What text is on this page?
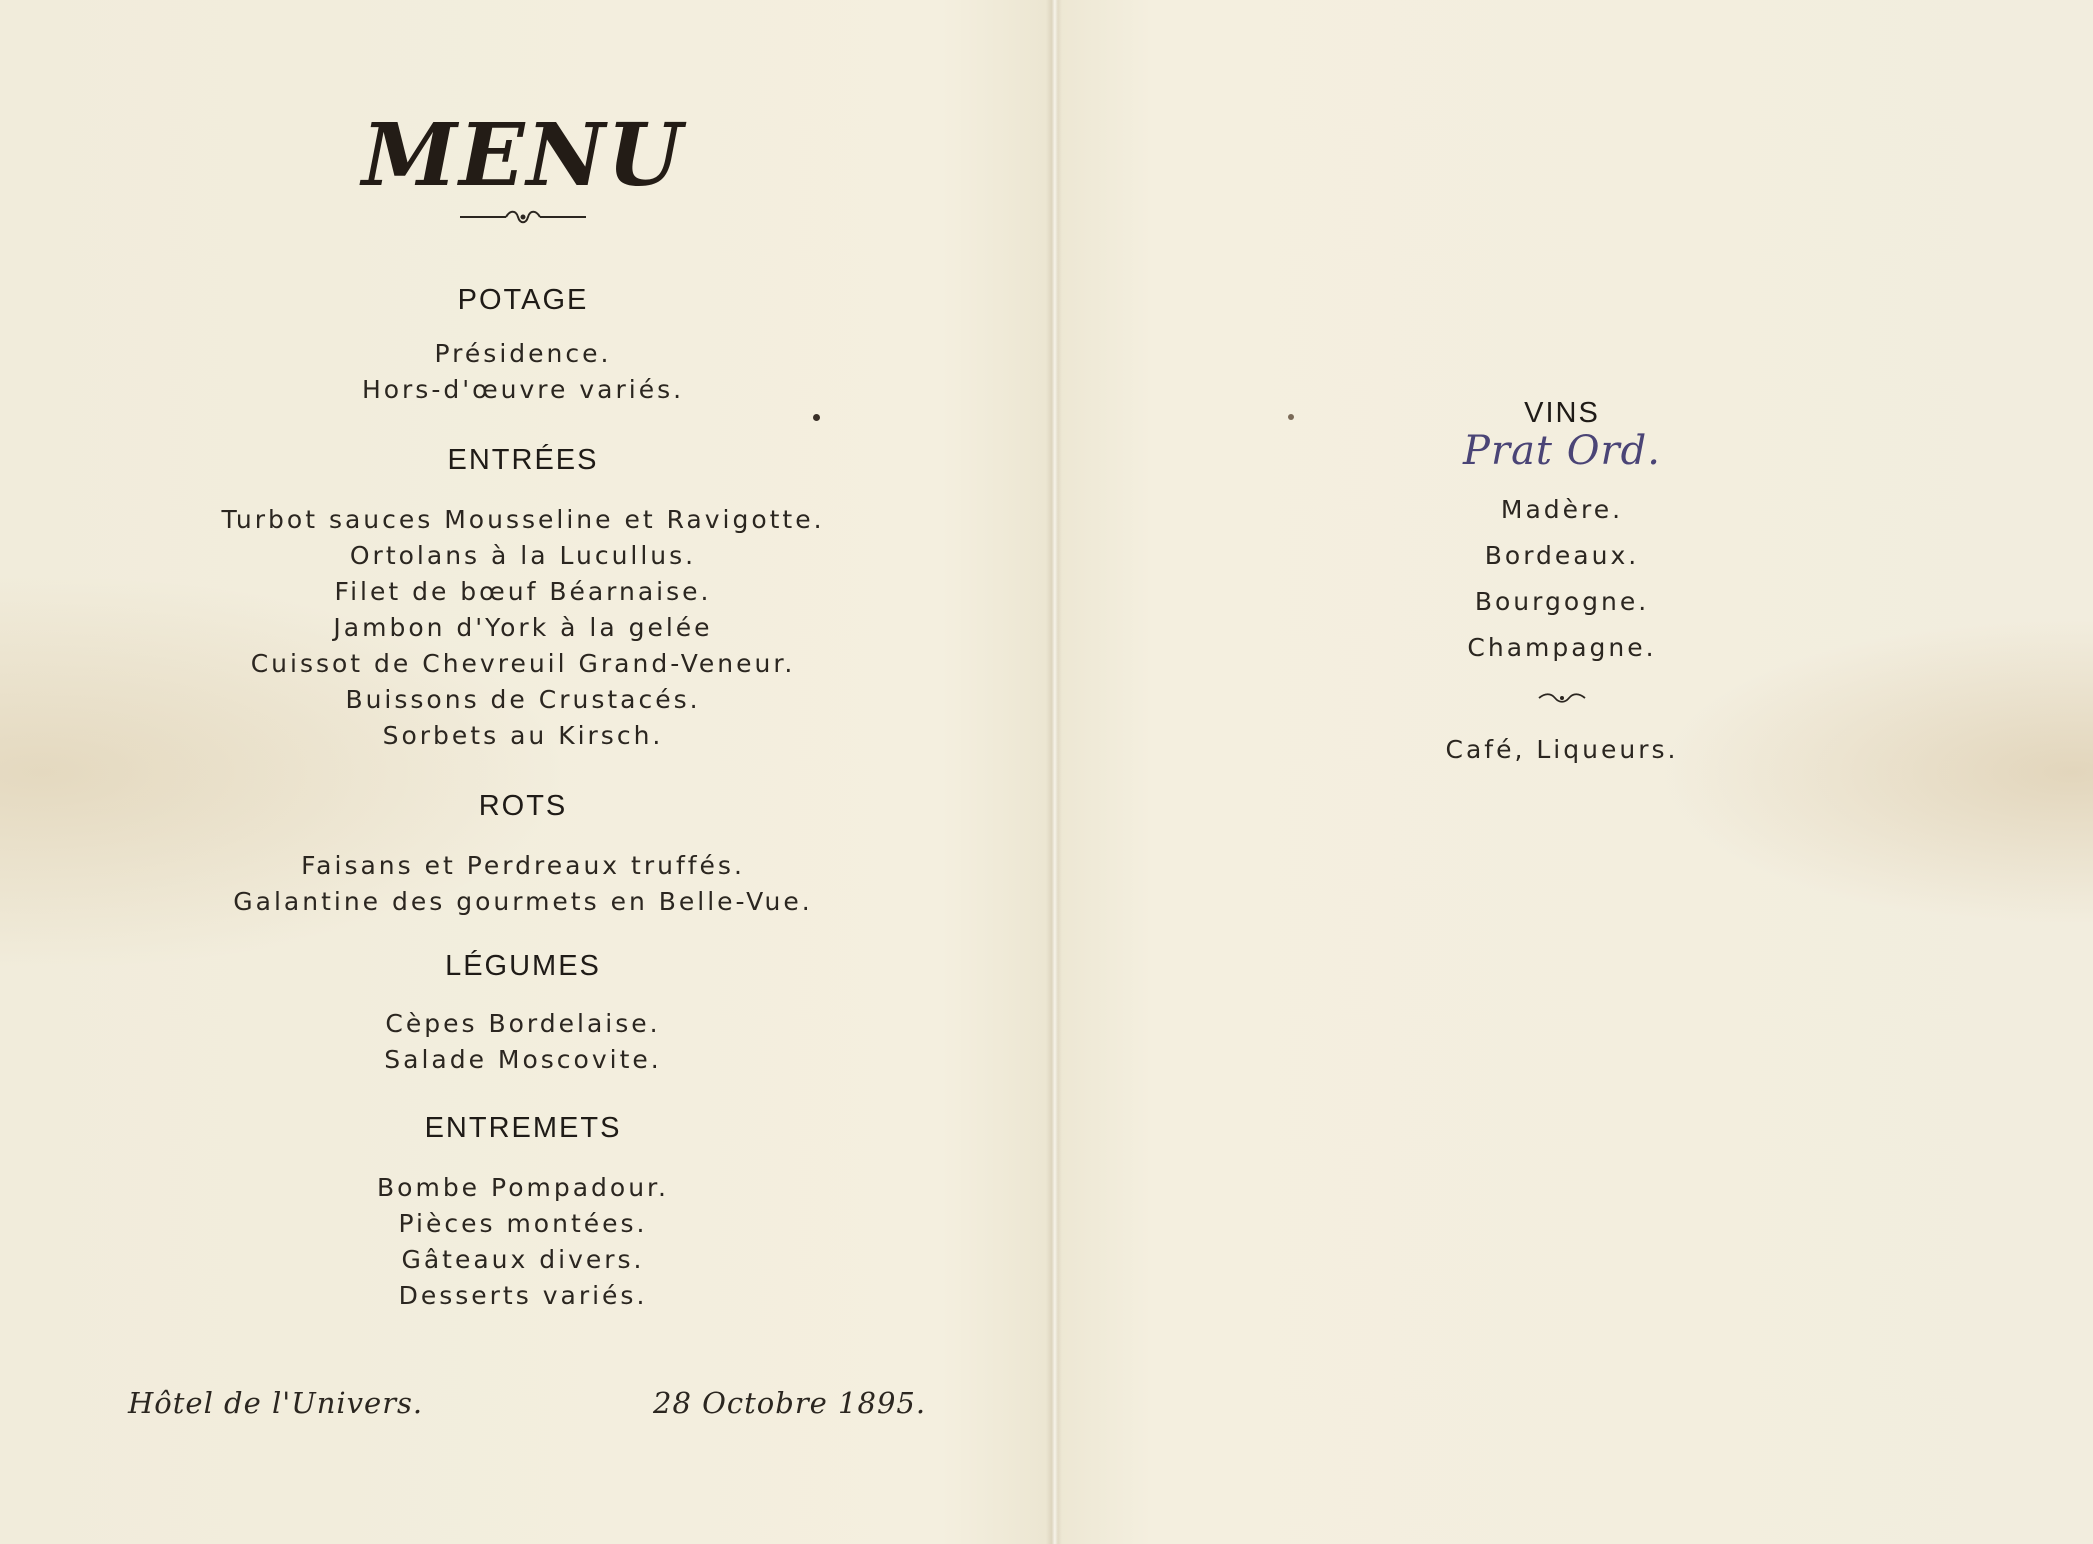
MENU
POTAGE
Présidence.
Hors-d'œuvre variés.
ENTRÉES
Turbot sauces Mousseline et Ravigotte.
Ortolans à la Lucullus.
Filet de bœuf Béarnaise.
Jambon d'York à la gelée
Cuissot de Chevreuil Grand-Veneur.
Buissons de Crustacés.
Sorbets au Kirsch.
ROTS
Faisans et Perdreaux truffés.
Galantine des gourmets en Belle-Vue.
LÉGUMES
Cèpes Bordelaise.
Salade Moscovite.
ENTREMETS
Bombe Pompadour.
Pièces montées.
Gâteaux divers.
Desserts variés.
Hôtel de l'Univers.	28 Octobre 1895.
VINS
Prat Ord.
Madère.
Bordeaux.
Bourgogne.
Champagne.
Café, Liqueurs.
